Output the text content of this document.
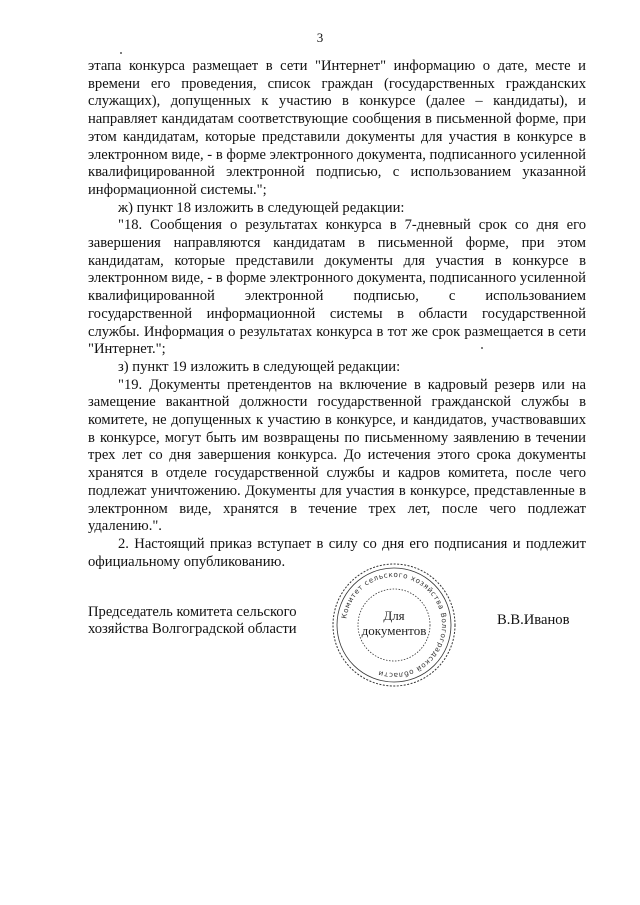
3

этапа конкурса размещает в сети "Интернет" информацию о дате, месте и времени его проведения, список граждан (государственных гражданских служащих), допущенных к участию в конкурсе (далее – кандидаты), и направляет кандидатам соответствующие сообщения в письменной форме, при этом кандидатам, которые представили документы для участия в конкурсе в электронном виде, - в форме электронного документа, подписанного усиленной квалифицированной электронной подписью, с использованием указанной информационной системы.";

ж) пункт 18 изложить в следующей редакции:

"18. Сообщения о результатах конкурса в 7-дневный срок со дня его завершения направляются кандидатам в письменной форме, при этом кандидатам, которые представили документы для участия в конкурсе в электронном виде, - в форме электронного документа, подписанного усиленной квалифицированной электронной подписью, с использованием государственной информационной системы в области государственной службы. Информация о результатах конкурса в тот же срок размещается в сети "Интернет.";

з) пункт 19 изложить в следующей редакции:

"19. Документы претендентов на включение в кадровый резерв или на замещение вакантной должности государственной гражданской службы в комитете, не допущенных к участию в конкурсе, и кандидатов, участвовавших в конкурсе, могут быть им возвращены по письменному заявлению в течении трех лет со дня завершения конкурса. До истечения этого срока документы хранятся в отделе государственной службы и кадров комитета, после чего подлежат уничтожению. Документы для участия в конкурсе, представленные в электронном виде, хранятся в течение трех лет, после чего подлежат удалению.".

2. Настоящий приказ вступает в силу со дня его подписания и подлежит официальному опубликованию.

Председатель комитета сельского
хозяйства Волгоградской области
Комитет сельского хозяйства Волгоградской области
Для
документов
В.В.Иванов
